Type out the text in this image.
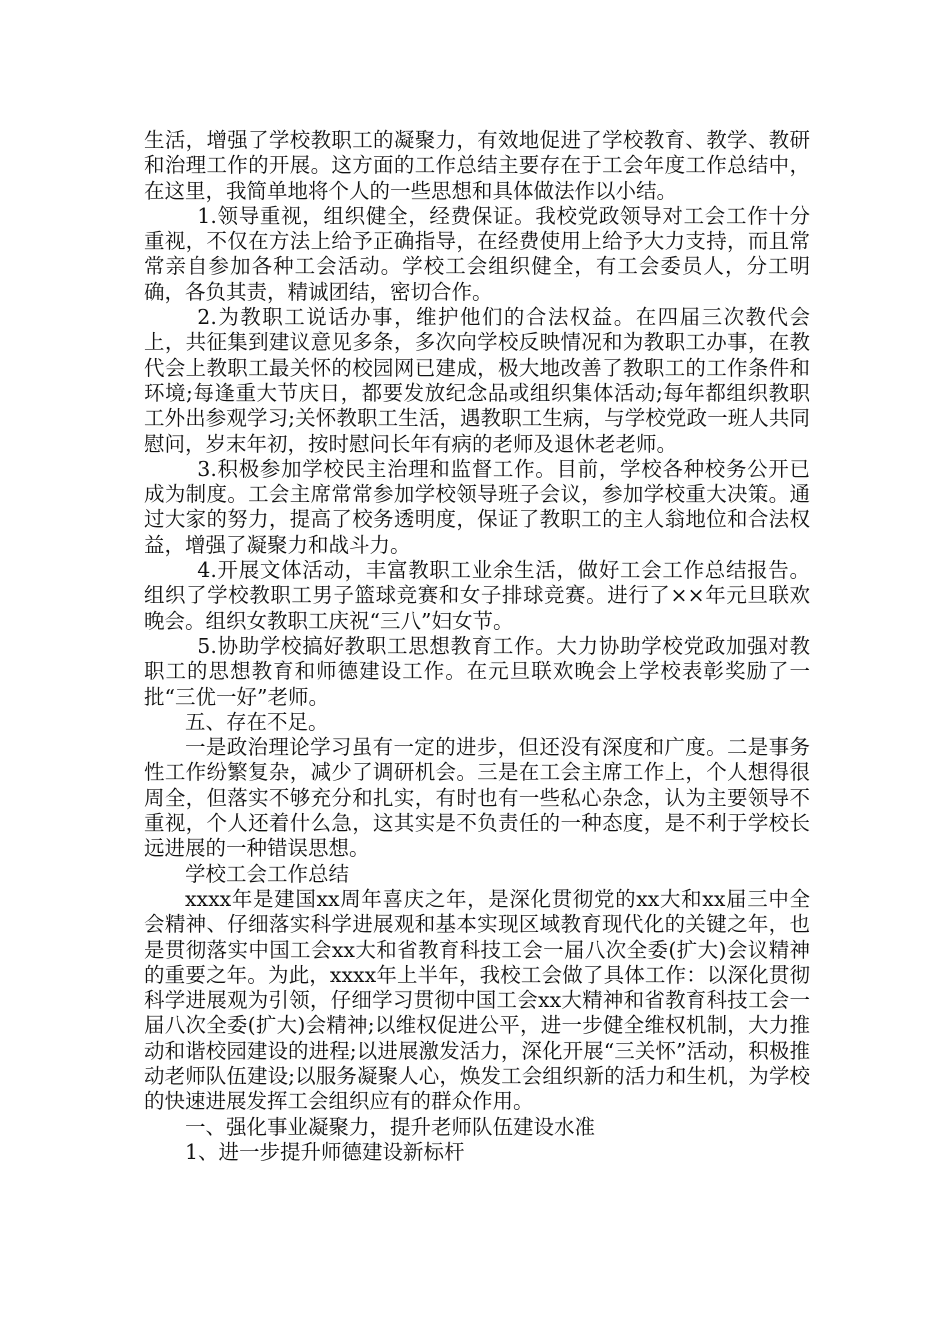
生活，增强了学校教职工的凝聚力，有效地促进了学校教育、教学、教研和治理工作的开展。这方面的工作总结主要存在于工会年度工作总结中，在这里，我简单地将个人的一些思想和具体做法作以小结。

1.领导重视，组织健全，经费保证。我校党政领导对工会工作十分重视，不仅在方法上给予正确指导，在经费使用上给予大力支持，而且常常亲自参加各种工会活动。学校工会组织健全，有工会委员人，分工明确，各负其责，精诚团结，密切合作。

2.为教职工说话办事，维护他们的合法权益。在四届三次教代会上，共征集到建议意见多条，多次向学校反映情况和为教职工办事，在教代会上教职工最关怀的校园网已建成，极大地改善了教职工的工作条件和环境;每逢重大节庆日，都要发放纪念品或组织集体活动;每年都组织教职工外出参观学习;关怀教职工生活，遇教职工生病，与学校党政一班人共同慰问，岁末年初，按时慰问长年有病的老师及退休老老师。

3.积极参加学校民主治理和监督工作。目前，学校各种校务公开已成为制度。工会主席常常参加学校领导班子会议，参加学校重大决策。通过大家的努力，提高了校务透明度，保证了教职工的主人翁地位和合法权益，增强了凝聚力和战斗力。

4.开展文体活动，丰富教职工业余生活，做好工会工作总结报告。组织了学校教职工男子篮球竞赛和女子排球竞赛。进行了××年元旦联欢晚会。组织女教职工庆祝“三八”妇女节。

5.协助学校搞好教职工思想教育工作。大力协助学校党政加强对教职工的思想教育和师德建设工作。在元旦联欢晚会上学校表彰奖励了一批“三优一好”老师。

五、存在不足。

一是政治理论学习虽有一定的进步，但还没有深度和广度。二是事务性工作纷繁复杂，减少了调研机会。三是在工会主席工作上，个人想得很周全，但落实不够充分和扎实，有时也有一些私心杂念，认为主要领导不重视，个人还着什么急，这其实是不负责任的一种态度，是不利于学校长远进展的一种错误思想。

学校工会工作总结

xxxx年是建国xx周年喜庆之年，是深化贯彻党的xx大和xx届三中全会精神、仔细落实科学进展观和基本实现区域教育现代化的关键之年，也是贯彻落实中国工会xx大和省教育科技工会一届八次全委(扩大)会议精神的重要之年。为此，xxxx年上半年，我校工会做了具体工作：以深化贯彻科学进展观为引领，仔细学习贯彻中国工会xx大精神和省教育科技工会一届八次全委(扩大)会精神;以维权促进公平，进一步健全维权机制，大力推动和谐校园建设的进程;以进展激发活力，深化开展“三关怀”活动，积极推动老师队伍建设;以服务凝聚人心，焕发工会组织新的活力和生机，为学校的快速进展发挥工会组织应有的群众作用。

一、强化事业凝聚力，提升老师队伍建设水准

1、进一步提升师德建设新标杆
